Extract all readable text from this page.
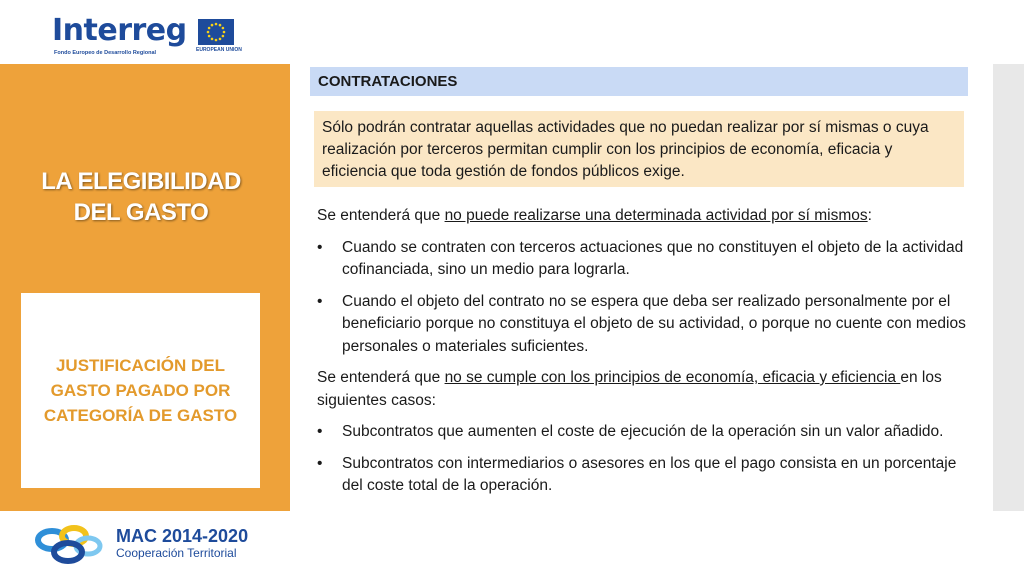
Interreg
Fondo Europeo de Desarrollo Regional	EUROPEAN UNION
LA ELEGIBILIDAD
DEL GASTO
JUSTIFICACIÓN DEL
GASTO PAGADO POR
CATEGORÍA DE GASTO
MAC 2014-2020
Cooperación Territorial
CONTRATACIONES
Sólo podrán contratar aquellas actividades que no puedan realizar por sí mismas o cuya realización por terceros permitan cumplir con los principios de economía, eficacia y eficiencia que toda gestión de fondos públicos exige.
Se entenderá que no puede realizarse una determinada actividad por sí mismos:
• Cuando se contraten con terceros actuaciones que no constituyen el objeto de la actividad cofinanciada, sino un medio para lograrla.
• Cuando el objeto del contrato no se espera que deba ser realizado personalmente por el beneficiario porque no constituya el objeto de su actividad, o porque no cuente con medios personales o materiales suficientes.
Se entenderá que no se cumple con los principios de economía, eficacia y eficiencia en los siguientes casos:
• Subcontratos que aumenten el coste de ejecución de la operación sin un valor añadido.
• Subcontratos con intermediarios o asesores en los que el pago consista en un porcentaje del coste total de la operación.
